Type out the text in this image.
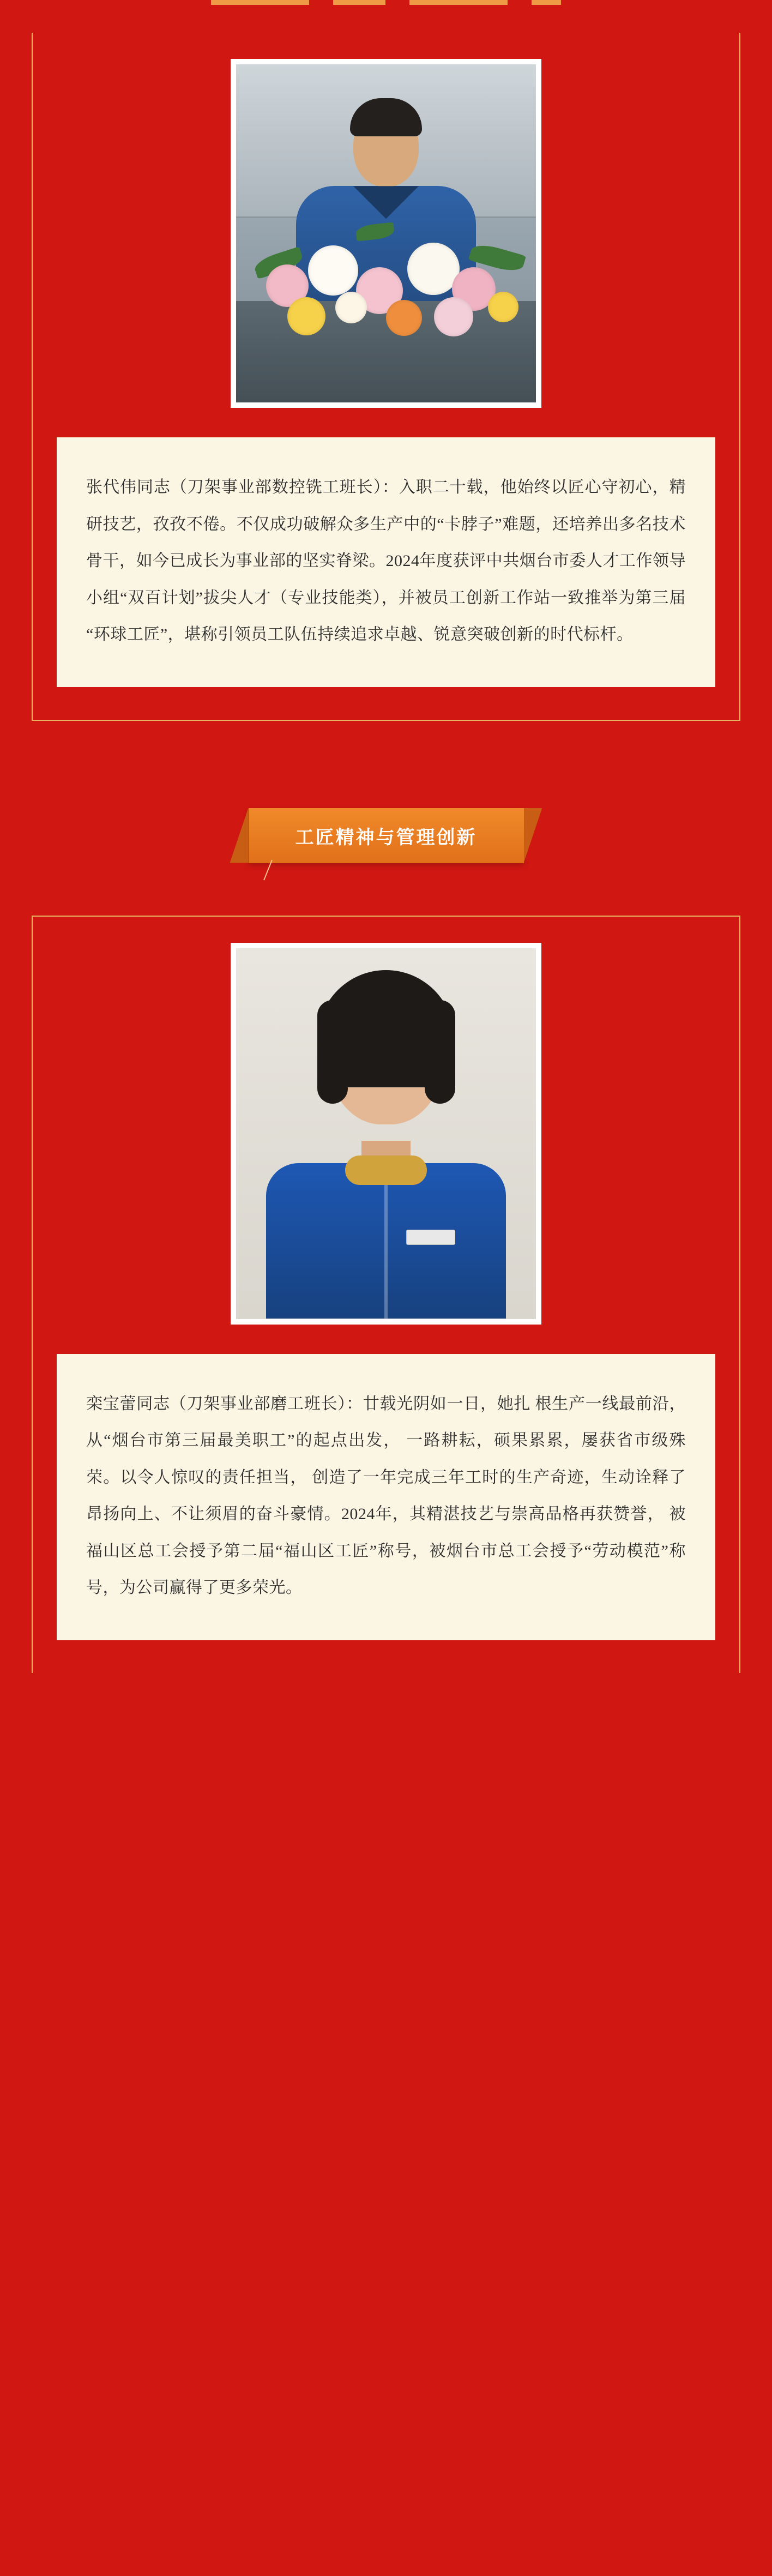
张代伟同志（刀架事业部数控铣工班长）：入职二十载，他始终以匠心守初心，精研技艺，孜孜不倦。不仅成功破解众多生产中的“卡脖子”难题，还培养出多名技术骨干，如今已成长为事业部的坚实脊梁。2024年度获评中共烟台市委人才工作领导小组“双百计划”拔尖人才（专业技能类），并被员工创新工作站一致推举为第三届“环球工匠”，堪称引领员工队伍持续追求卓越、锐意突破创新的时代标杆。

工匠精神与管理创新

栾宝蕾同志（刀架事业部磨工班长）：廿载光阴如一日，她扎 根生产一线最前沿，从“烟台市第三届最美职工”的起点出发， 一路耕耘，硕果累累，屡获省市级殊荣。以令人惊叹的责任担当， 创造了一年完成三年工时的生产奇迹，生动诠释了昂扬向上、不让须眉的奋斗豪情。2024年，其精湛技艺与崇高品格再获赞誉， 被福山区总工会授予第二届“福山区工匠”称号，被烟台市总工会授予“劳动模范”称号，为公司赢得了更多荣光。
